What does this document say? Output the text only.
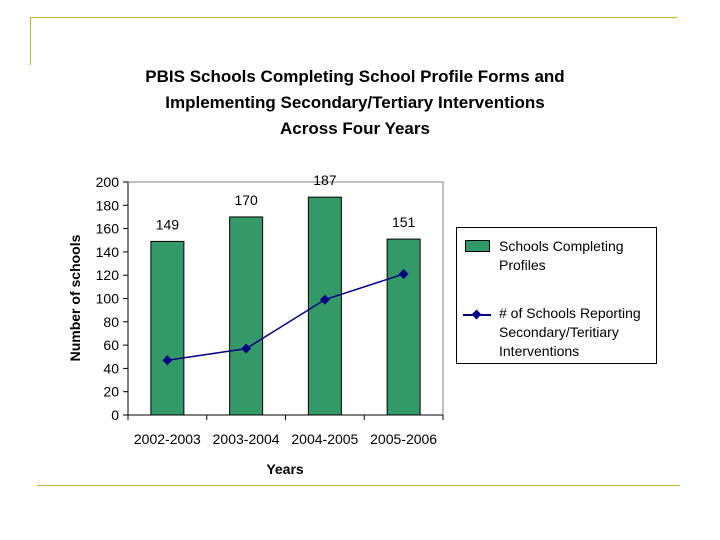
PBIS Schools Completing School Profile Forms and
Implementing Secondary/Tertiary Interventions
Across Four Years
149
170
187
151
0
20
40
60
80
100
120
140
160
180
200
2002-2003 2003-2004 2004-2005 2005-2006
Number of schools
Years
Schools Completing
Profiles
# of Schools Reporting
Secondary/Teritiary
Interventions
